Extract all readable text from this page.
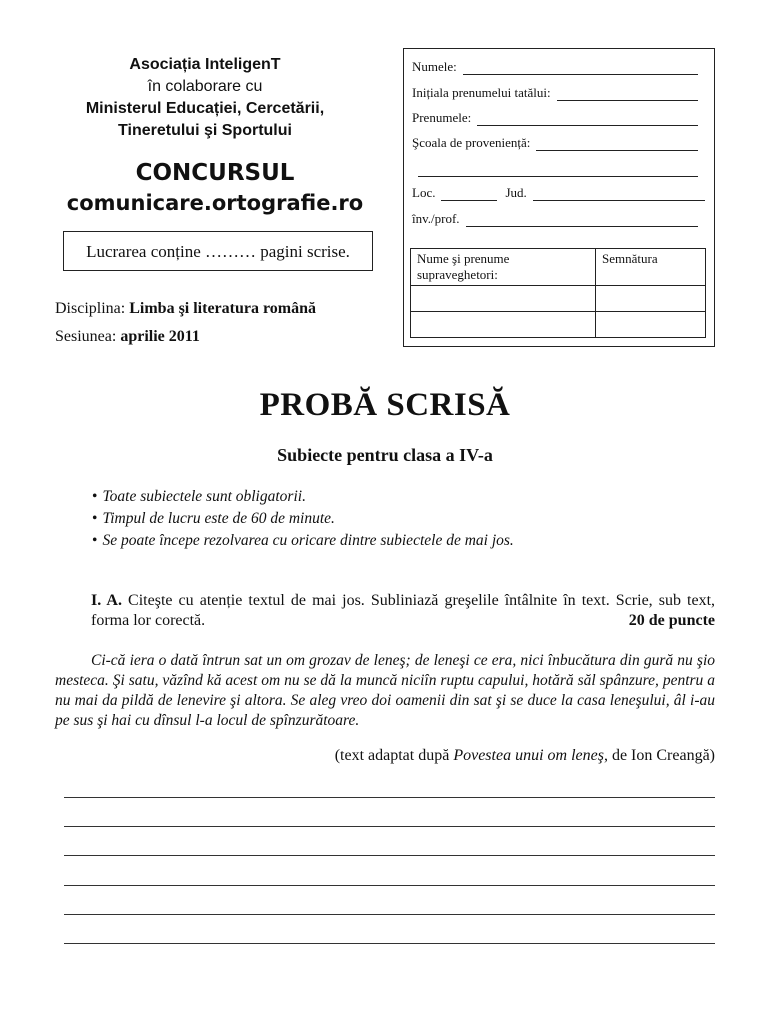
Asociația InteligenT
în colaborare cu
Ministerul Educației, Cercetării,
Tineretului şi Sportului
CONCURSUL
comunicare.ortografie.ro
Lucrarea conține ……… pagini scrise.
Disciplina: Limba şi literatura română
Sesiunea: aprilie 2011
Numele:
Inițiala prenumelui tatălui:
Prenumele:
Şcoala de proveniență:
Loc.	Jud.
înv./prof.
Nume şi prenume supraveghetori:	Semnătura

PROBĂ SCRISĂ
Subiecte pentru clasa a IV-a
• Toate subiectele sunt obligatorii.
• Timpul de lucru este de 60 de minute.
• Se poate începe rezolvarea cu oricare dintre subiectele de mai jos.
I. A. Citeşte cu atenție textul de mai jos. Subliniază greşelile întâlnite în text. Scrie, sub text, forma lor corectă.	20 de puncte
Ci-că iera o dată întrun sat un om grozav de leneş; de leneşi ce era, nici înbucătura din gură nu şio mestеca. Şi satu, văzînd kă acest om nu se dă la muncă niciîn ruptu capului, hotără săl spânzure, pentru a nu mai da pildă de lenevire şi altora. Se aleg vreo doi oamenii din sat şi se duce la casa leneşului, âl i-au pe sus şi hai cu dînsul l-a locul de spînzurătoare.
(text adaptat după Povestea unui om leneş, de Ion Creangă)
